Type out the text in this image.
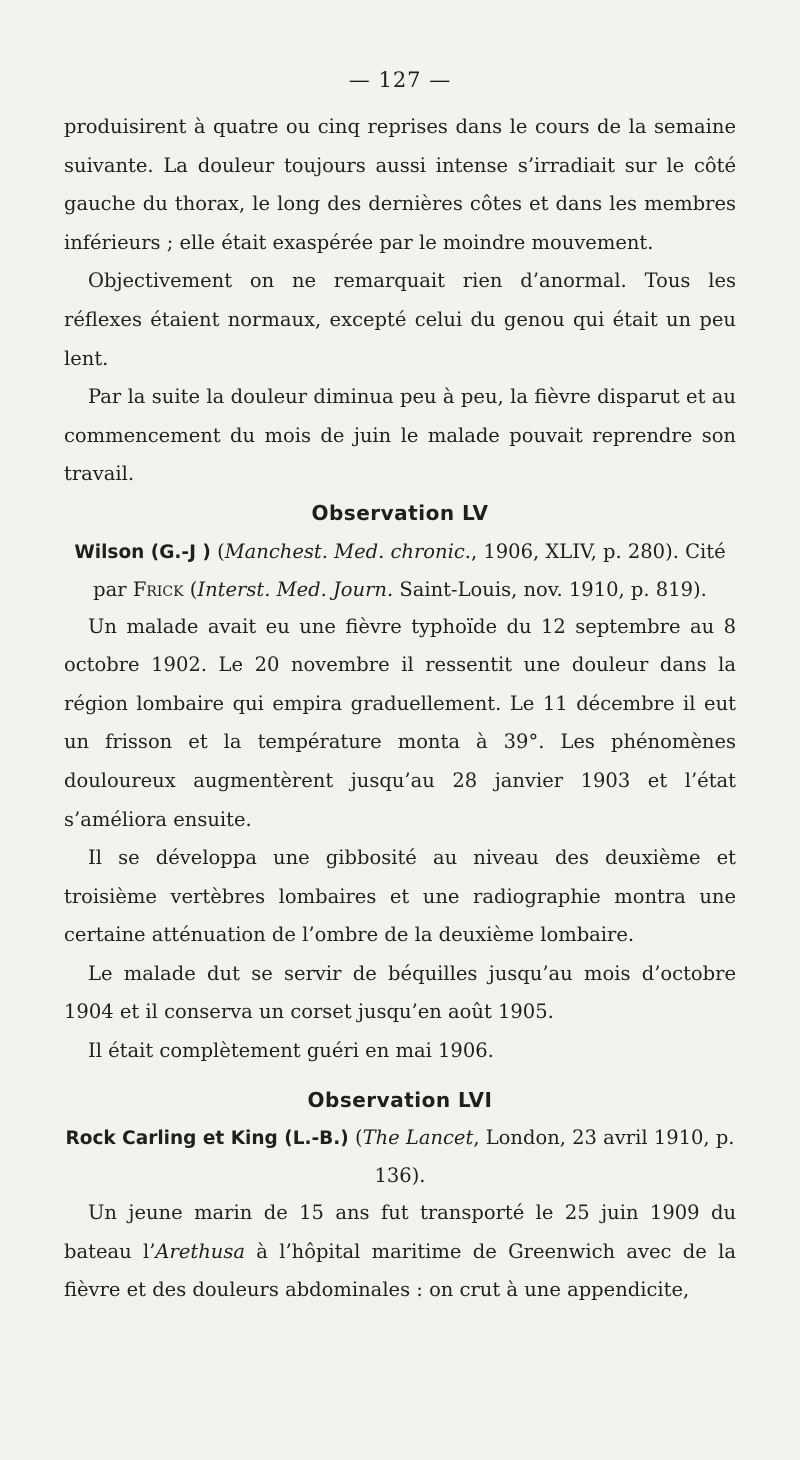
— 127 —

produisirent à quatre ou cinq reprises dans le cours de la semaine suivante. La douleur toujours aussi intense s’irradiait sur le côté gauche du thorax, le long des dernières côtes et dans les membres inférieurs ; elle était exaspérée par le moindre mouvement.

Objectivement on ne remarquait rien d’anormal. Tous les réflexes étaient normaux, excepté celui du genou qui était un peu lent.

Par la suite la douleur diminua peu à peu, la fièvre disparut et au commencement du mois de juin le malade pouvait reprendre son travail.

Observation LV

Wilson (G.-J ) (Manchest. Med. chronic., 1906, XLIV, p. 280). Cité par Frick (Interst. Med. Journ. Saint-Louis, nov. 1910, p. 819).

Un malade avait eu une fièvre typhoïde du 12 septembre au 8 octobre 1902. Le 20 novembre il ressentit une douleur dans la région lombaire qui empira graduellement. Le 11 décembre il eut un frisson et la température monta à 39°. Les phénomènes douloureux augmentèrent jusqu’au 28 janvier 1903 et l’état s’améliora ensuite.

Il se développa une gibbosité au niveau des deuxième et troisième vertèbres lombaires et une radiographie montra une certaine atténuation de l’ombre de la deuxième lombaire.

Le malade dut se servir de béquilles jusqu’au mois d’octobre 1904 et il conserva un corset jusqu’en août 1905.

Il était complètement guéri en mai 1906.

Observation LVI

Rock Carling et King (L.-B.) (The Lancet, London, 23 avril 1910, p. 136).

Un jeune marin de 15 ans fut transporté le 25 juin 1909 du bateau l’Arethusa à l’hôpital maritime de Greenwich avec de la fièvre et des douleurs abdominales : on crut à une appendicite,
